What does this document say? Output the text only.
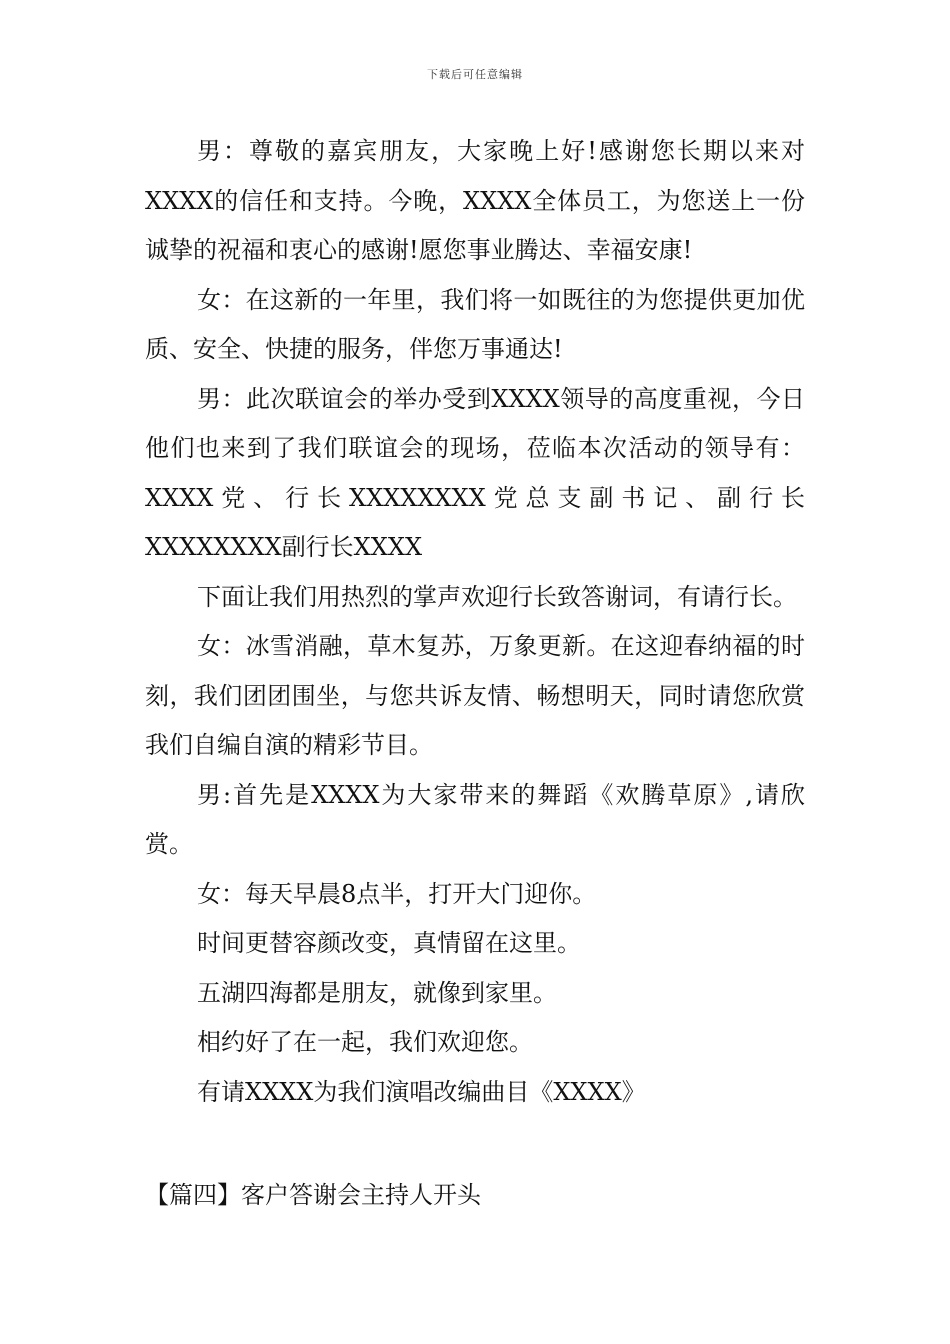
下载后可任意编辑

男：尊敬的嘉宾朋友，大家晚上好!感谢您长期以来对XXXX的信任和支持。今晚，XXXX全体员工，为您送上一份诚挚的祝福和衷心的感谢!愿您事业腾达、幸福安康!

女：在这新的一年里，我们将一如既往的为您提供更加优质、安全、快捷的服务，伴您万事通达!

男：此次联谊会的举办受到XXXX领导的高度重视，今日他们也来到了我们联谊会的现场，莅临本次活动的领导有：XXXX党、行长XXXXXXXX党总支副书记、副行长XXXXXXXX副行长XXXX

下面让我们用热烈的掌声欢迎行长致答谢词，有请行长。

女：冰雪消融，草木复苏，万象更新。在这迎春纳福的时刻，我们团团围坐，与您共诉友情、畅想明天，同时请您欣赏我们自编自演的精彩节目。

男:首先是XXXX为大家带来的舞蹈《欢腾草原》,请欣赏。

女：每天早晨8点半，打开大门迎你。

时间更替容颜改变，真情留在这里。

五湖四海都是朋友，就像到家里。

相约好了在一起，我们欢迎您。

有请XXXX为我们演唱改编曲目《XXXX》

【篇四】客户答谢会主持人开头
